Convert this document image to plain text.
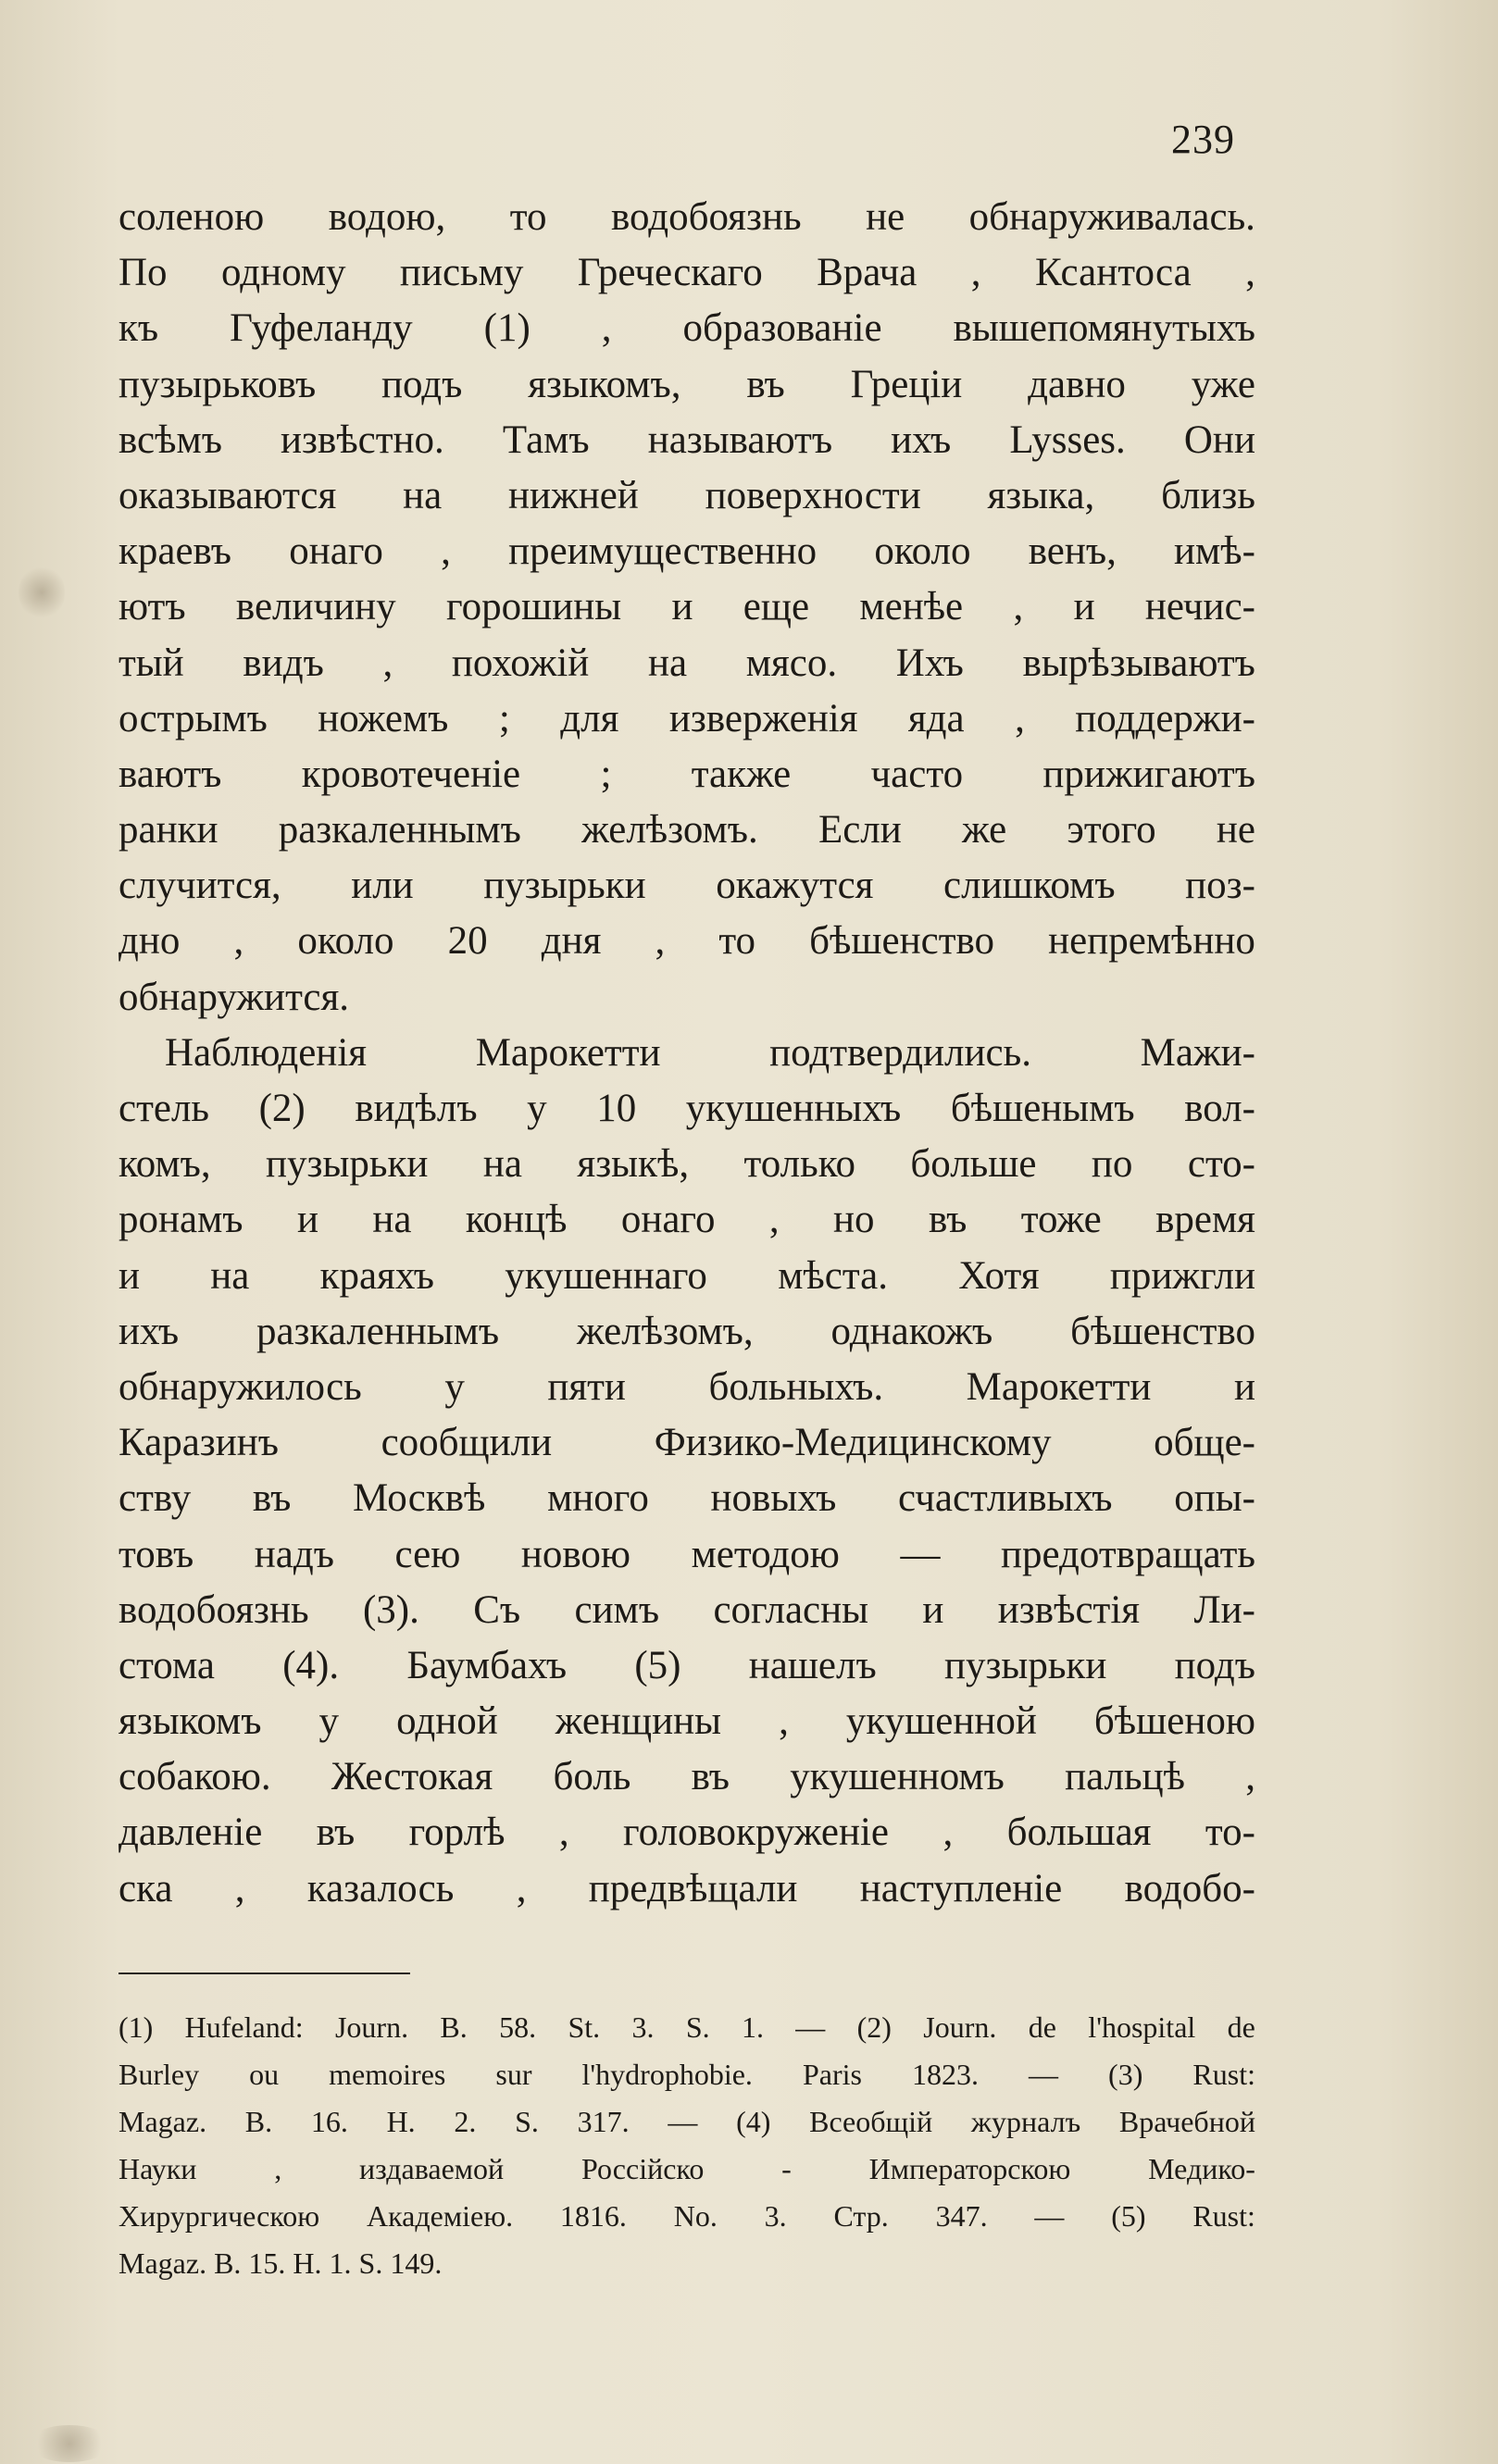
239
соленою водою, то водобоязнь не обнаруживалась.
По одному письму Греческаго Врача , Ксантоса ,
къ Гуфеланду (1) , образованіе вышепомянутыхъ
пузырьковъ подъ языкомъ, въ Греціи давно уже
всѣмъ извѣстно. Тамъ называютъ ихъ Lysses. Они
оказываются на нижней поверхности языка, близь
краевъ онаго , преимущественно около венъ, имѣ-
ютъ величину горошины и еще менѣе , и нечис-
тый видъ , похожій на мясо. Ихъ вырѣзываютъ
острымъ ножемъ ; для изверженія яда , поддержи-
ваютъ кровотеченіе ; также часто прижигаютъ
ранки разкаленнымъ желѣзомъ. Если же этого не
случится, или пузырьки окажутся слишкомъ поз-
дно , около 20 дня , то бѣшенство непремѣнно
обнаружится.
Наблюденія	Марокетти	подтвердились.	Мажи-
стель (2) видѣлъ у 10 укушенныхъ бѣшенымъ вол-
комъ, пузырьки на языкѣ, только больше по сто-
ронамъ и на концѣ онаго , но въ тоже время
и на краяхъ укушеннаго мѣста. Хотя прижгли
ихъ разкаленнымъ желѣзомъ, однакожъ бѣшенство
обнаружилось у пяти больныхъ. Марокетти и
Каразинъ	сообщили	Физико-Медицинскому	обще-
ству въ Москвѣ много новыхъ счастливыхъ опы-
товъ надъ сею новою методою — предотвращать
водобоязнь (3). Съ симъ согласны и извѣстія Ли-
стома (4). Баумбахъ (5) нашелъ пузырьки подъ
языкомъ у одной женщины , укушенной бѣшеною
собакою. Жестокая боль въ укушенномъ пальцѣ ,
давленіе въ горлѣ , головокруженіе , большая то-
ска , казалось , предвѣщали наступленіе водобо-
(1) Hufeland: Journ. B. 58. St. 3. S. 1. — (2) Journ. de l'hospital de
Burley ou memoires sur l'hydrophobie. Paris 1823. — (3) Rust:
Magaz. B. 16. H. 2. S. 317. — (4) Всеобщій журналъ Врачебной
Науки	,	издаваемой	Россійско	-	Императорскою	Медико-
Хирургическою Академіею. 1816. No. 3. Стр. 347. — (5) Rust:
Magaz. B. 15. H. 1. S. 149.
